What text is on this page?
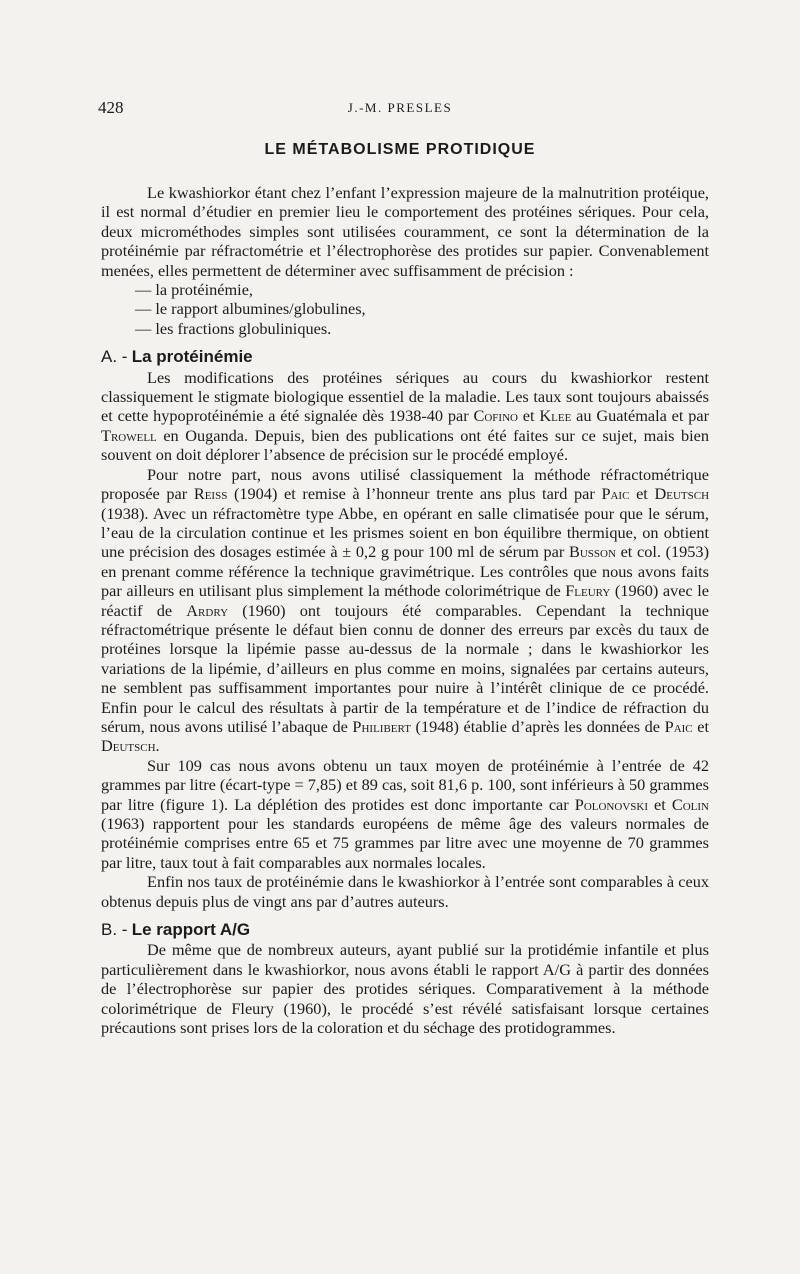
428	J.-M. PRESLES
LE MÉTABOLISME PROTIDIQUE

Le kwashiorkor étant chez l’enfant l’expression majeure de la malnutrition protéique, il est normal d’étudier en premier lieu le comportement des protéines sériques. Pour cela, deux microméthodes simples sont utilisées couramment, ce sont la détermination de la protéinémie par réfractométrie et l’électrophorèse des protides sur papier. Convenablement menées, elles permettent de déterminer avec suffisamment de précision :

— la protéinémie,
— le rapport albumines/globulines,
— les fractions globuliniques.
A. - La protéinémie

Les modifications des protéines sériques au cours du kwashiorkor restent classiquement le stigmate biologique essentiel de la maladie. Les taux sont toujours abaissés et cette hypoprotéinémie a été signalée dès 1938-40 par Cofino et Klee au Guatémala et par Trowell en Ouganda. Depuis, bien des publications ont été faites sur ce sujet, mais bien souvent on doit déplorer l’absence de précision sur le procédé employé.

Pour notre part, nous avons utilisé classiquement la méthode réfractométrique proposée par Reiss (1904) et remise à l’honneur trente ans plus tard par Paic et Deutsch (1938). Avec un réfractomètre type Abbe, en opérant en salle climatisée pour que le sérum, l’eau de la circulation continue et les prismes soient en bon équilibre thermique, on obtient une précision des dosages estimée à ± 0,2 g pour 100 ml de sérum par Busson et col. (1953) en prenant comme référence la technique gravimétrique. Les contrôles que nous avons faits par ailleurs en utilisant plus simplement la méthode colorimétrique de Fleury (1960) avec le réactif de Ardry (1960) ont toujours été comparables. Cependant la technique réfractométrique présente le défaut bien connu de donner des erreurs par excès du taux de protéines lorsque la lipémie passe au-dessus de la normale ; dans le kwashiorkor les variations de la lipémie, d’ailleurs en plus comme en moins, signalées par certains auteurs, ne semblent pas suffisamment importantes pour nuire à l’intérêt clinique de ce procédé. Enfin pour le calcul des résultats à partir de la température et de l’indice de réfraction du sérum, nous avons utilisé l’abaque de Philibert (1948) établie d’après les données de Paic et Deutsch.

Sur 109 cas nous avons obtenu un taux moyen de protéinémie à l’entrée de 42 grammes par litre (écart-type = 7,85) et 89 cas, soit 81,6 p. 100, sont inférieurs à 50 grammes par litre (figure 1). La déplétion des protides est donc importante car Polonovski et Colin (1963) rapportent pour les standards européens de même âge des valeurs normales de protéinémie comprises entre 65 et 75 grammes par litre avec une moyenne de 70 grammes par litre, taux tout à fait comparables aux normales locales.

Enfin nos taux de protéinémie dans le kwashiorkor à l’entrée sont comparables à ceux obtenus depuis plus de vingt ans par d’autres auteurs.

B. - Le rapport A/G

De même que de nombreux auteurs, ayant publié sur la protidémie infantile et plus particulièrement dans le kwashiorkor, nous avons établi le rapport A/G à partir des données de l’électrophorèse sur papier des protides sériques. Comparativement à la méthode colorimétrique de Fleury (1960), le procédé s’est révélé satisfaisant lorsque certaines précautions sont prises lors de la coloration et du séchage des protidogrammes.
